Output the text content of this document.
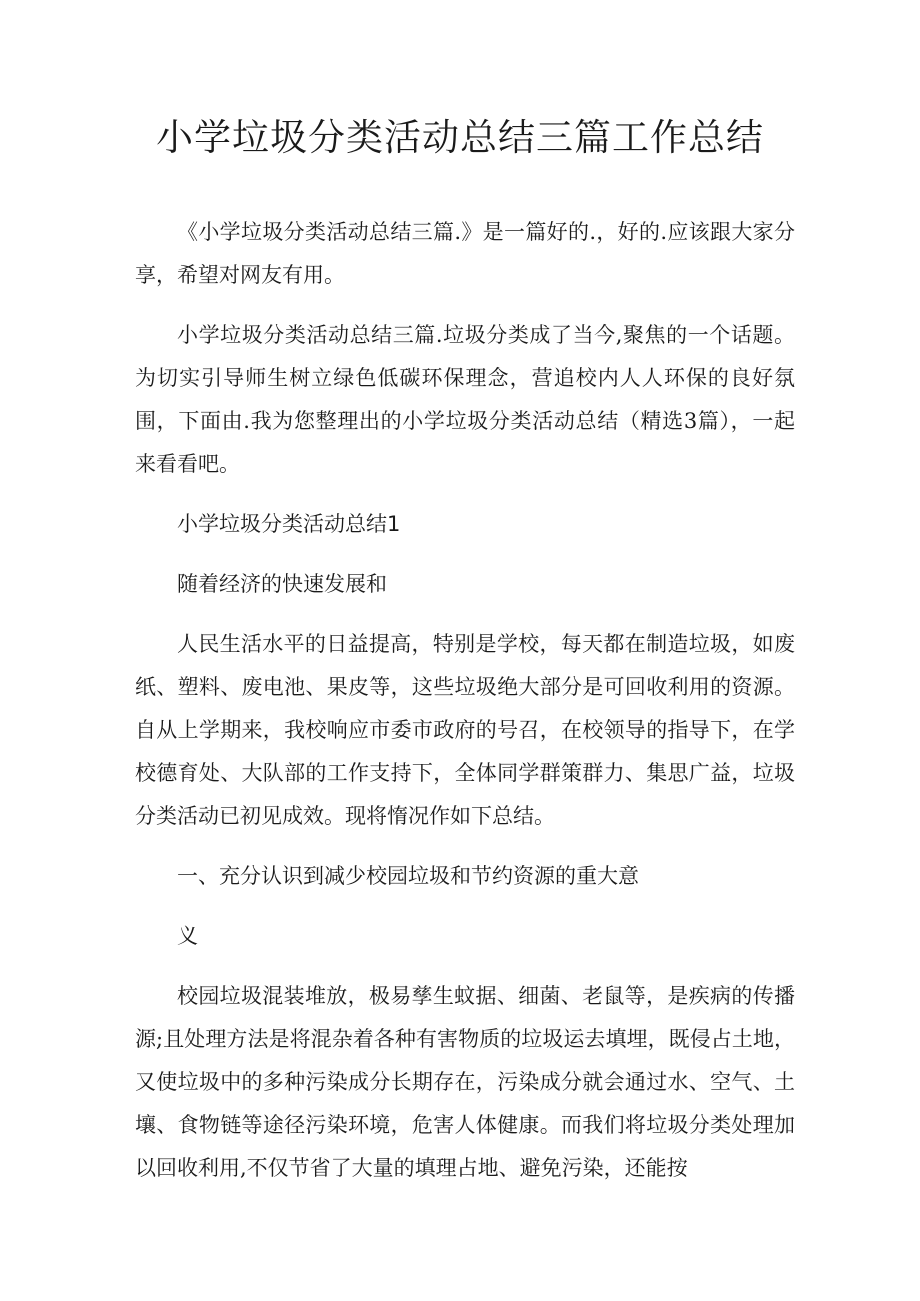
小学垃圾分类活动总结三篇工作总结

《小学垃圾分类活动总结三篇.》是一篇好的.，好的.应该跟大家分享，希望对网友有用。

小学垃圾分类活动总结三篇.垃圾分类成了当今,聚焦的一个话题。为切实引导师生树立绿色低碳环保理念，营追校内人人环保的良好氛围，下面由.我为您整理出的小学垃圾分类活动总结（精选3篇），一起来看看吧。

小学垃圾分类活动总结1

随着经济的快速发展和

人民生活水平的日益提高，特别是学校，每天都在制造垃圾，如废纸、塑料、废电池、果皮等，这些垃圾绝大部分是可回收利用的资源。自从上学期来，我校响应市委市政府的号召，在校领导的指导下，在学校德育处、大队部的工作支持下，全体同学群策群力、集思广益，垃圾分类活动已初见成效。现将惰况作如下总结。

一、充分认识到减少校园垃圾和节约资源的重大意

义

校园垃圾混装堆放，极易孳生蚊据、细菌、老鼠等，是疾病的传播源;且处理方法是将混杂着各种有害物质的垃圾运去填埋，既侵占土地，又使垃圾中的多种污染成分长期存在，污染成分就会通过水、空气、土壤、食物链等途径污染环境，危害人体健康。而我们将垃圾分类处理加以回收利用,不仅节省了大量的填理占地、避免污染，还能按
